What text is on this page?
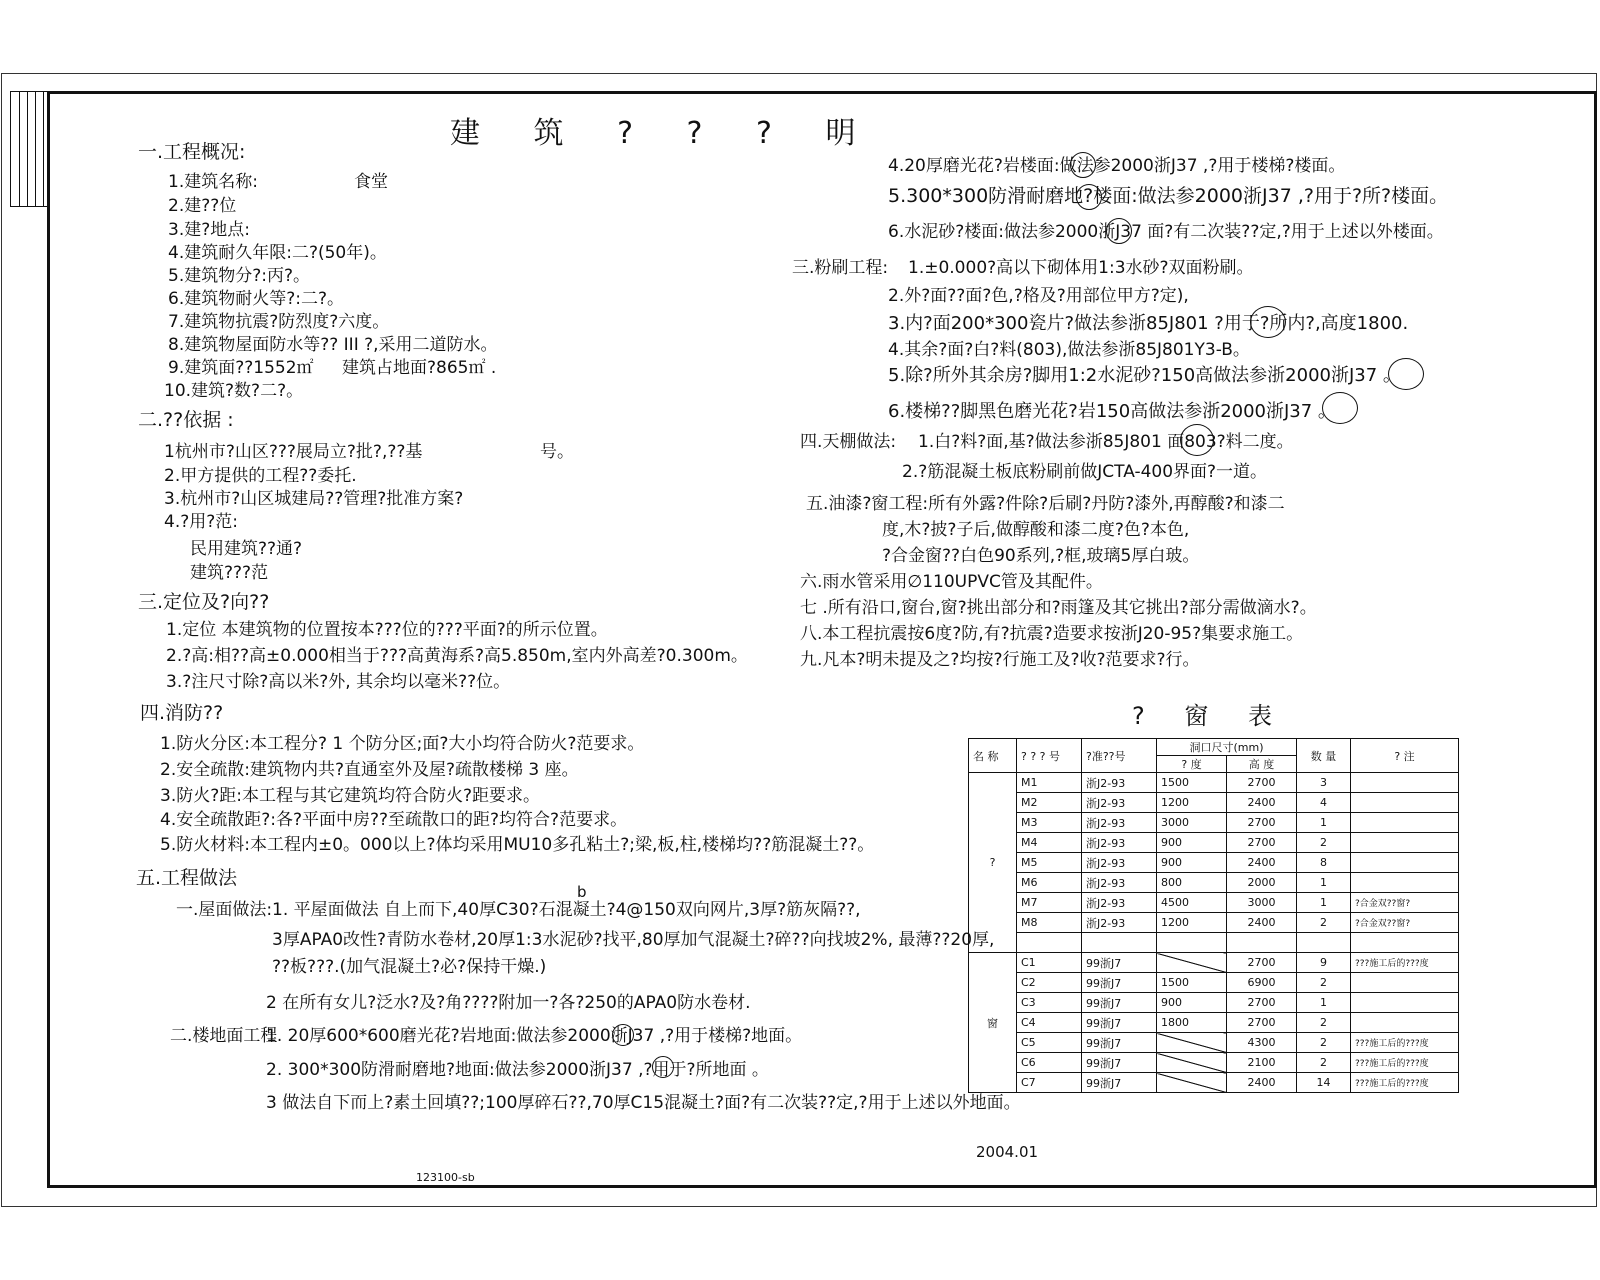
建 筑 ? ? ? 明
一.工程概况:
1.建筑名称:	食堂
2.建??位
3.建?地点:
4.建筑耐久年限:二?(50年)。
5.建筑物分?:丙?。
6.建筑物耐火等?:二?。
7.建筑物抗震?防烈度?六度。
8.建筑物屋面防水等?? III ?,采用二道防水。
9.建筑面??1552㎡ 建筑占地面?865㎡ .
10.建筑?数?二?。
二.??依据 :
1杭州市?山区???展局立?批?,??基	号。
2.甲方提供的工程??委托.
3.杭州市?山区城建局??管理?批准方案?
4.?用?范:
民用建筑??通?
建筑???范
三.定位及?向??
1.定位 本建筑物的位置按本???位的???平面?的所示位置。
2.?高:相??高±0.000相当于???高黄海系?高5.850m,室内外高差?0.300m。
3.?注尺寸除?高以米?外, 其余均以毫米??位。
四.消防??
1.防火分区:本工程分? 1 个防分区;面?大小均符合防火?范要求。
2.安全疏散:建筑物内共?直通室外及屋?疏散楼梯 3 座。
3.防火?距:本工程与其它建筑均符合防火?距要求。
4.安全疏散距?:各?平面中房??至疏散口的距?均符合?范要求。
5.防火材料:本工程内±0。000以上?体均采用MU10多孔粘土?;梁,板,柱,楼梯均??筋混凝土??。
五.工程做法
b
一.屋面做法: 1. 平屋面做法 自上而下,40厚C30?石混凝土?4@150双向网片,3厚?筋灰隔??,
3厚APA0改性?青防水卷材,20厚1:3水泥砂?找平,80厚加气混凝土?碎??向找坡2%, 最薄??20厚,
??板???.(加气混凝土?必?保持干燥.)
2 在所有女儿?泛水?及?角????附加一?各?250的APA0防水卷材.
二.楼地面工程
1. 20厚600*600磨光花?岩地面:做法参2000浙J37 ,?用于楼梯?地面。
2. 300*300防滑耐磨地?地面:做法参2000浙J37 ,?用于?所地面 。
3 做法自下而上?素土回填??;100厚碎石??,70厚C15混凝土?面?有二次装??定,?用于上述以外地面。
4.20厚磨光花?岩楼面:做法参2000浙J37 ,?用于楼梯?楼面。
5.300*300防滑耐磨地?楼面:做法参2000浙J37 ,?用于?所?楼面。
6.水泥砂?楼面:做法参2000浙J37 面?有二次装??定,?用于上述以外楼面。
三.粉刷工程: 1.±0.000?高以下砌体用1:3水砂?双面粉刷。
2.外?面??面?色,?格及?用部位甲方?定),
3.内?面200*300瓷片?做法参浙85J801 ?用于?所内?,高度1800.
4.其余?面?白?料(803),做法参浙85J801Y3-B。
5.除?所外其余房?脚用1:2水泥砂?150高做法参浙2000浙J37 。
6.楼梯??脚黑色磨光花?岩150高做法参浙2000浙J37 。
四.天棚做法: 1.白?料?面,基?做法参浙85J801 面803?料二度。
2.?筋混凝土板底粉刷前做JCTA-400界面?一道。
五.油漆?窗工程:所有外露?件除?后刷?丹防?漆外,再醇酸?和漆二
度,木?披?子后,做醇酸和漆二度?色?本色,
?合金窗??白色90系列,?框,玻璃5厚白玻。
六.雨水管采用∅110UPVC管及其配件。
七 .所有沿口,窗台,窗?挑出部分和?雨篷及其它挑出?部分需做滴水?。
八.本工程抗震按6度?防,有?抗震?造要求按浙J20-95?集要求施工。
九.凡本?明未提及之?均按?行施工及?收?范要求?行。
? 窗 表
名 称	? ? ? 号	?准??号	洞口尺寸(mm)		数 量	? 注
			? 度	高 度		
?	M1	浙J2-93	1500	2700	3	
	M2	浙J2-93	1200	2400	4	
	M3	浙J2-93	3000	2700	1	
	M4	浙J2-93	900	2700	2	
	M5	浙J2-93	900	2400	8	
	M6	浙J2-93	800	2000	1	
	M7	浙J2-93	4500	3000	1	?合金双??窗?
	M8	浙J2-93	1200	2400	2	?合金双??窗?

窗	C1	99浙J7		2700	9	???施工后的???度
	C2	99浙J7	1500	6900	2	
	C3	99浙J7	900	2700	1	
	C4	99浙J7	1800	2700	2	
	C5	99浙J7		4300	2	???施工后的???度
	C6	99浙J7		2100	2	???施工后的???度
	C7	99浙J7		2400	14	???施工后的???度
2004.01
123100-sb
